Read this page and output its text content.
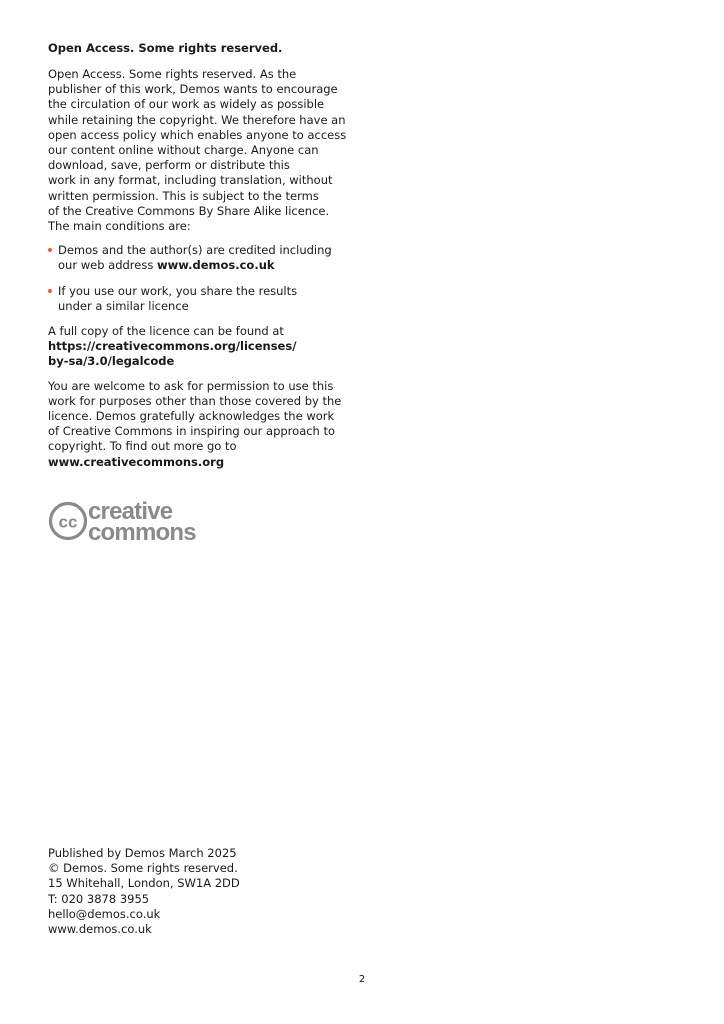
Open Access. Some rights reserved.
Open Access. Some rights reserved. As the
publisher of this work, Demos wants to encourage
the circulation of our work as widely as possible
while retaining the copyright. We therefore have an
open access policy which enables anyone to access
our content online without charge. Anyone can
download, save, perform or distribute this
work in any format, including translation, without
written permission. This is subject to the terms
of the Creative Commons By Share Alike licence.
The main conditions are:
Demos and the author(s) are credited including
our web address www.demos.co.uk
If you use our work, you share the results
under a similar licence
A full copy of the licence can be found at
https://creativecommons.org/licenses/
by-sa/3.0/legalcode
You are welcome to ask for permission to use this
work for purposes other than those covered by the
licence. Demos gratefully acknowledges the work
of Creative Commons in inspiring our approach to
copyright. To find out more go to
www.creativecommons.org
cc creative
commons
Published by Demos March 2025
© Demos. Some rights reserved.
15 Whitehall, London, SW1A 2DD
T: 020 3878 3955
hello@demos.co.uk
www.demos.co.uk
2
